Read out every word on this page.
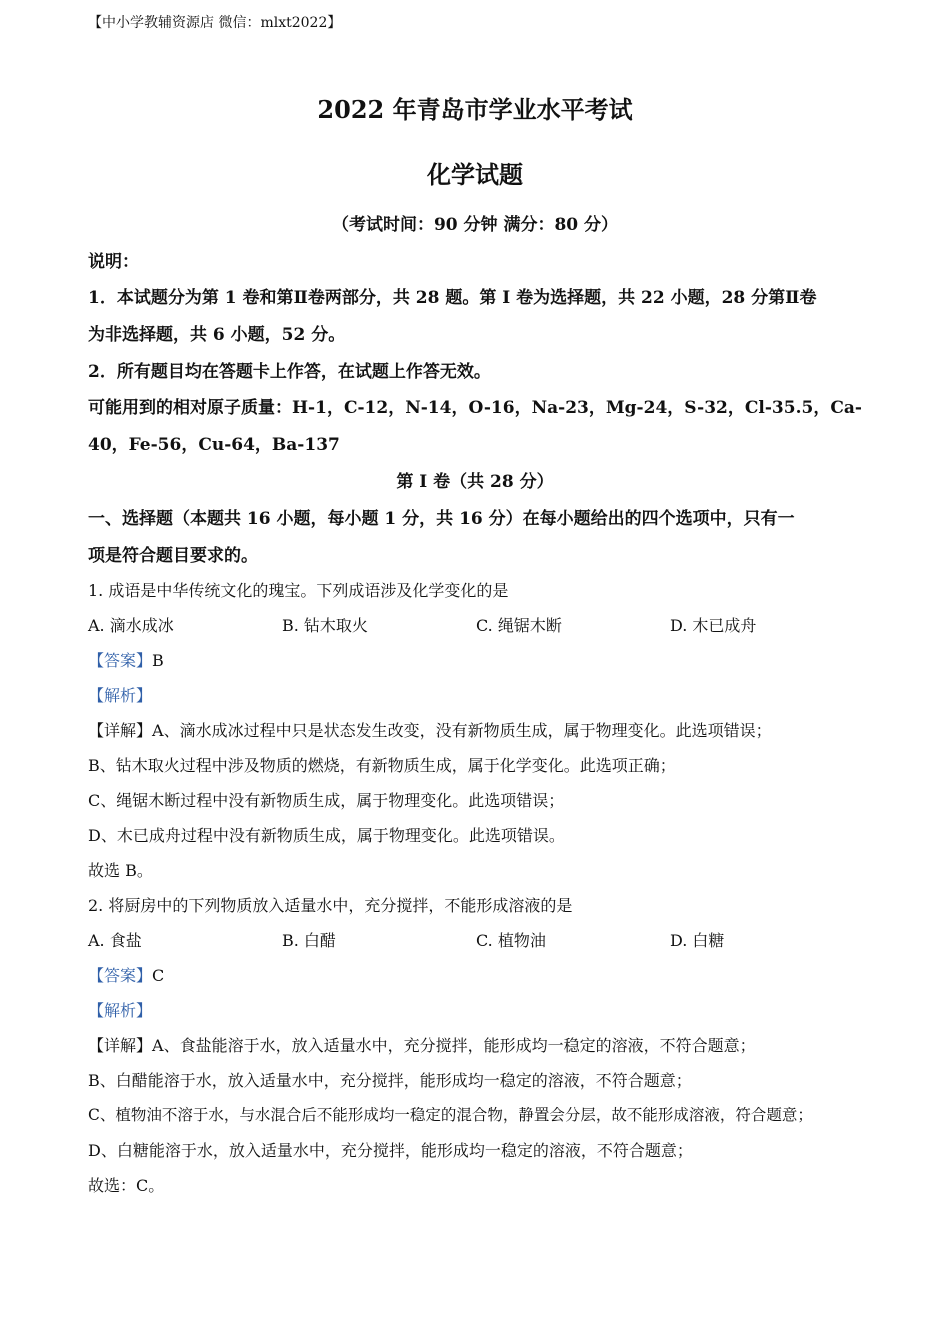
【中小学教辅资源店 微信：mlxt2022】
2022 年青岛市学业水平考试
化学试题
（考试时间：90 分钟 满分：80 分）
说明：
1．本试题分为第 1 卷和第Ⅱ卷两部分，共 28 题。第 I 卷为选择题，共 22 小题，28 分第Ⅱ卷
为非选择题，共 6 小题，52 分。
2．所有题目均在答题卡上作答，在试题上作答无效。
可能用到的相对原子质量：H-1，C-12，N-14，O-16，Na-23，Mg-24，S-32，Cl-35.5，Ca-
40，Fe-56，Cu-64，Ba-137
第 I 卷（共 28 分）
一、选择题（本题共 16 小题，每小题 1 分，共 16 分）在每小题给出的四个选项中，只有一
项是符合题目要求的。
1. 成语是中华传统文化的瑰宝。下列成语涉及化学变化的是
A. 滴水成冰	B. 钻木取火	C. 绳锯木断	D. 木已成舟
【答案】B
【解析】
【详解】A、滴水成冰过程中只是状态发生改变，没有新物质生成，属于物理变化。此选项错误；
B、钻木取火过程中涉及物质的燃烧，有新物质生成，属于化学变化。此选项正确；
C、绳锯木断过程中没有新物质生成，属于物理变化。此选项错误；
D、木已成舟过程中没有新物质生成，属于物理变化。此选项错误。
故选 B。
2. 将厨房中的下列物质放入适量水中，充分搅拌，不能形成溶液的是
A. 食盐	B. 白醋	C. 植物油	D. 白糖
【答案】C
【解析】
【详解】A、食盐能溶于水，放入适量水中，充分搅拌，能形成均一稳定的溶液，不符合题意；
B、白醋能溶于水，放入适量水中，充分搅拌，能形成均一稳定的溶液，不符合题意；
C、植物油不溶于水，与水混合后不能形成均一稳定的混合物，静置会分层，故不能形成溶液，符合题意；
D、白糖能溶于水，放入适量水中，充分搅拌，能形成均一稳定的溶液，不符合题意；
故选：C。
